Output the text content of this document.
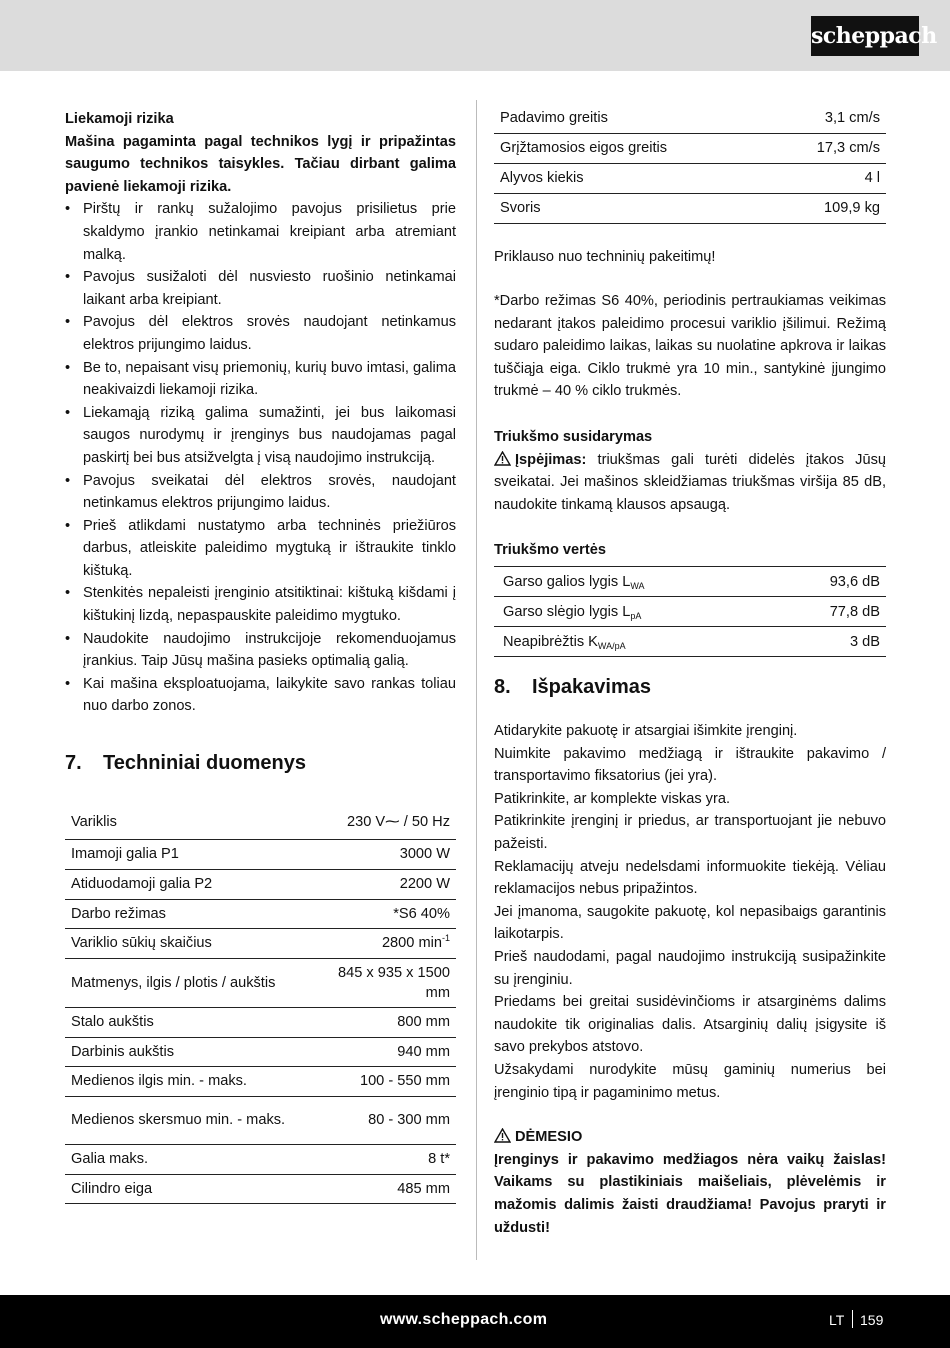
scheppach
Liekamoji rizika

Mašina pagaminta pagal technikos lygį ir pripažintas saugumo technikos taisykles. Tačiau dirbant galima pavienė liekamoji rizika.

• Pirštų ir rankų sužalojimo pavojus prisilietus prie skaldymo įrankio netinkamai kreipiant arba atremiant malką.
• Pavojus susižaloti dėl nusviesto ruošinio netinkamai laikant arba kreipiant.
• Pavojus dėl elektros srovės naudojant netinkamus elektros prijungimo laidus.
• Be to, nepaisant visų priemonių, kurių buvo imtasi, galima neakivaizdi liekamoji rizika.
• Liekamąją riziką galima sumažinti, jei bus laikomasi saugos nurodymų ir įrenginys bus naudojamas pagal paskirtį bei bus atsižvelgta į visą naudojimo instrukciją.
• Pavojus sveikatai dėl elektros srovės, naudojant netinkamus elektros prijungimo laidus.
• Prieš atlikdami nustatymo arba techninės priežiūros darbus, atleiskite paleidimo mygtuką ir ištraukite tinklo kištuką.
• Stenkitės nepaleisti įrenginio atsitiktinai: kištuką kišdami į kištukinį lizdą, nepaspauskite paleidimo mygtuko.
• Naudokite naudojimo instrukcijoje rekomenduojamus įrankius. Taip Jūsų mašina pasieks optimalią galią.
• Kai mašina eksploatuojama, laikykite savo rankas toliau nuo darbo zonos.
7.	Techniniai duomenys
Variklis	230 V⁓ / 50 Hz
Imamoji galia P1	3000 W
Atiduodamoji galia P2	2200 W
Darbo režimas	*S6 40%
Variklio sūkių skaičius	2800 $\min^{-1}$
Matmenys, ilgis / plotis / aukštis	845 x 935 x 1500 mm
Stalo aukštis	800 mm
Darbinis aukštis	940 mm
Medienos ilgis min. - maks.	100 - 550 mm
Medienos skersmuo min. - maks.	80 - 300 mm
Galia maks.	8 t*
Cilindro eiga	485 mm
Padavimo greitis	3,1 cm/s
Grįžtamosios eigos greitis	17,3 cm/s
Alyvos kiekis	4 l
Svoris	109,9 kg

Priklauso nuo techninių pakeitimų!

*Darbo režimas S6 40%, periodinis pertraukiamas veikimas nedarant įtakos paleidimo procesui variklio įšilimui. Režimą sudaro paleidimo laikas, laikas su nuolatine apkrova ir laikas tuščiąja eiga. Ciklo trukmė yra 10 min., santykinė įjungimo trukmė – 40 % ciklo trukmės.

Triukšmo susidarymas

Įspėjimas: triukšmas gali turėti didelės įtakos Jūsų sveikatai. Jei mašinos skleidžiamas triukšmas viršija 85 dB, naudokite tinkamą klausos apsaugą.

Triukšmo vertės
Garso galios lygis $L_{WA}$	93,6 dB
Garso slėgio lygis $L_{pA}$	77,8 dB
Neapibrėžtis $K_{WA/pA}$	3 dB
8.	Išpakavimas

Atidarykite pakuotę ir atsargiai išimkite įrenginį.

Nuimkite pakavimo medžiagą ir ištraukite pakavimo / transportavimo fiksatorius (jei yra).

Patikrinkite, ar komplekte viskas yra.

Patikrinkite įrenginį ir priedus, ar transportuojant jie nebuvo pažeisti.

Reklamacijų atveju nedelsdami informuokite tiekėją. Vėliau reklamacijos nebus pripažintos.

Jei įmanoma, saugokite pakuotę, kol nepasibaigs garantinis laikotarpis.

Prieš naudodami, pagal naudojimo instrukciją susipažinkite su įrenginiu.

Priedams bei greitai susidėvinčioms ir atsarginėms dalims naudokite tik originalias dalis. Atsarginių dalių įsigysite iš savo prekybos atstovo.

Užsakydami nurodykite mūsų gaminių numerius bei įrenginio tipą ir pagaminimo metus.

DĖMESIO

Įrenginys ir pakavimo medžiagos nėra vaikų žaislas! Vaikams su plastikiniais maišeliais, plėvelėmis ir mažomis dalimis žaisti draudžiama! Pavojus praryti ir uždusti!

www.scheppach.com	LT 159
